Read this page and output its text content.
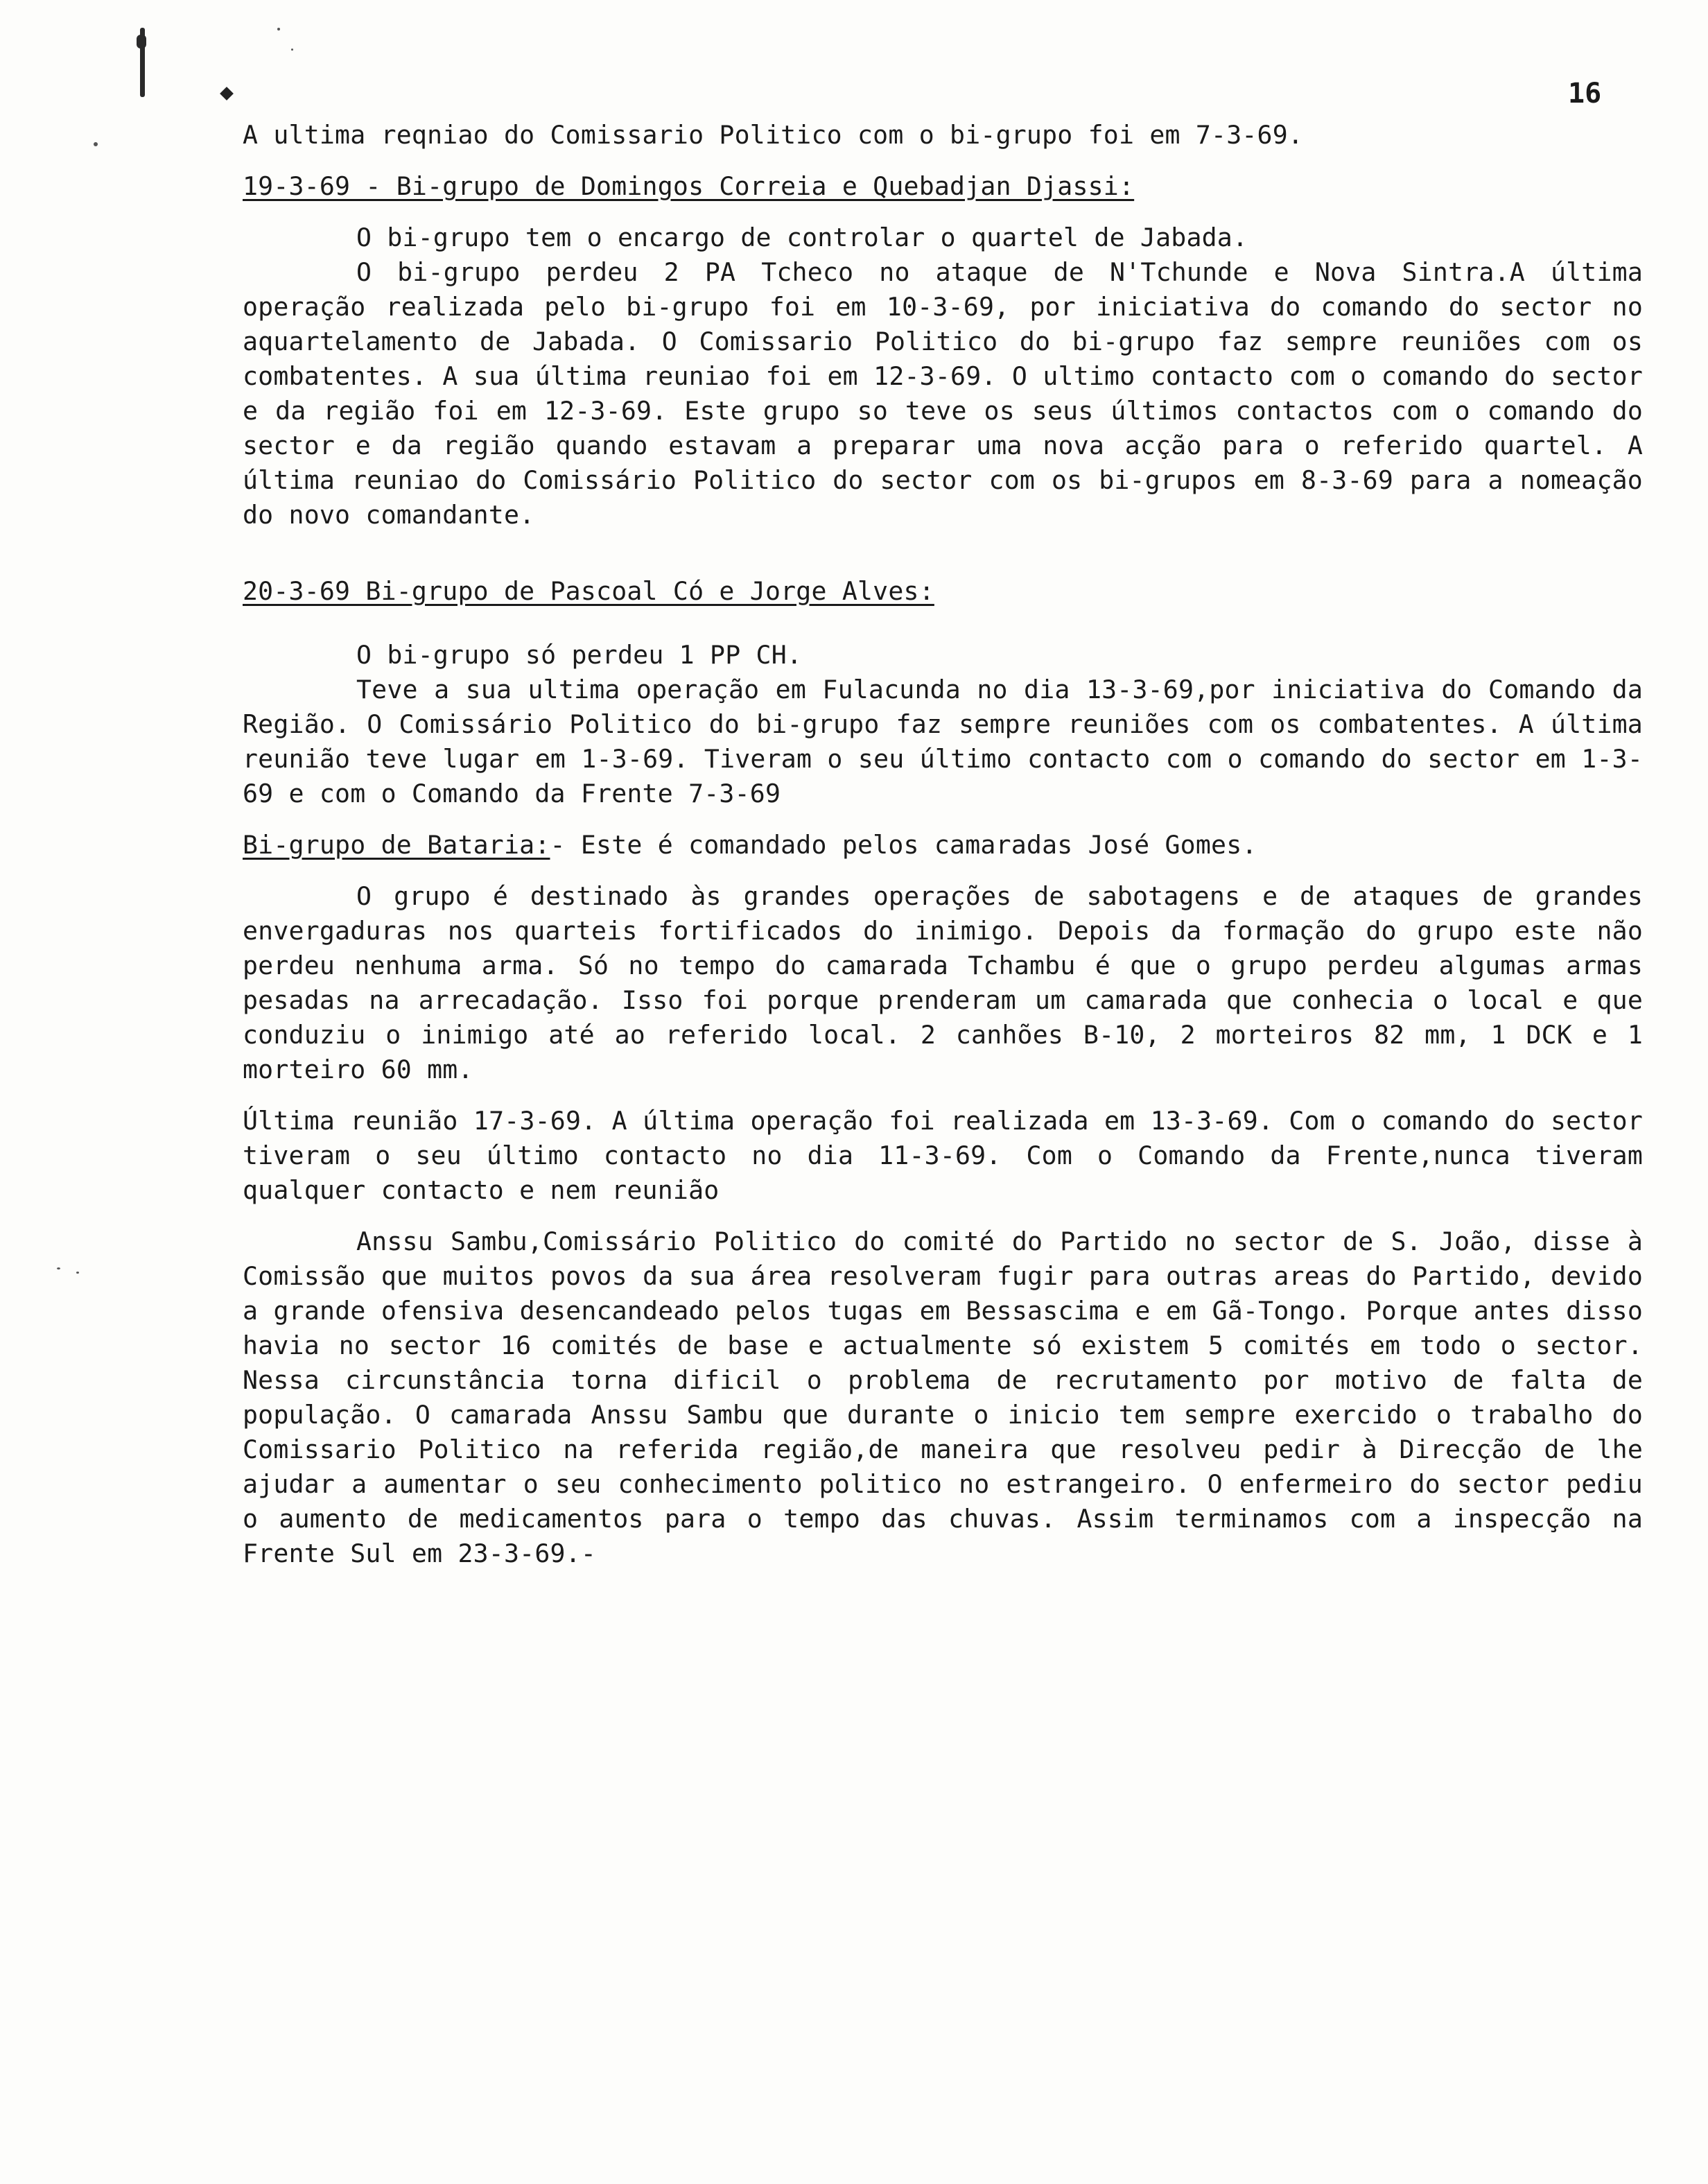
16

A ultima reqniao do Comissario Politico com o bi-grupo foi em 7-3-69.

19-3-69 - Bi-grupo de Domingos Correia e Quebadjan Djassi:

O bi-grupo tem o encargo de controlar o quartel de Jabada.

O bi-grupo perdeu 2 PA Tcheco no ataque de N'Tchunde e Nova Sintra.A última operação realizada pelo bi-grupo foi em 10-3-69, por iniciativa do comando do sector no aquartelamento de Jabada. O Comissario Politico do bi-grupo faz sempre reuniões com os combatentes. A sua última reuniao foi em 12-3-69. O ultimo contacto com o comando do sector e da região foi em 12-3-69. Este grupo so teve os seus últimos contactos com o comando do sector e da região quando estavam a preparar uma nova acção para o referido quartel. A última reuniao do Comissário Politico do sector com os bi-grupos em 8-3-69 para a nomeação do novo comandante.

20-3-69 Bi-grupo de Pascoal Có e Jorge Alves:

O bi-grupo só perdeu 1 PP CH.

Teve a sua ultima operação em Fulacunda no dia 13-3-69,por iniciativa do Comando da Região. O Comissário Politico do bi-grupo faz sempre reuniões com os combatentes. A última reunião teve lugar em 1-3-69. Tiveram o seu último contacto com o comando do sector em 1-3-69 e com o Comando da Frente 7-3-69

Bi-grupo de Bataria:- Este é comandado pelos camaradas José Gomes.

O grupo é destinado às grandes operações de sabotagens e de ataques de grandes envergaduras nos quarteis fortificados do inimigo. Depois da formação do grupo este não perdeu nenhuma arma. Só no tempo do camarada Tchambu é que o grupo perdeu algumas armas pesadas na arrecadação. Isso foi porque prenderam um camarada que conhecia o local e que conduziu o inimigo até ao referido local. 2 canhões B-10, 2 morteiros 82 mm, 1 DCK e 1 morteiro 60 mm.

Última reunião 17-3-69. A última operação foi realizada em 13-3-69. Com o comando do sector tiveram o seu último contacto no dia 11-3-69. Com o Comando da Frente,nunca tiveram qualquer contacto e nem reunião

Anssu Sambu,Comissário Politico do comité do Partido no sector de S. João, disse à Comissão que muitos povos da sua área resolveram fugir para outras areas do Partido, devido a grande ofensiva desencandeado pelos tugas em Bessascima e em Gã-Tongo. Porque antes disso havia no sector 16 comités de base e actualmente só existem 5 comités em todo o sector. Nessa circunstância torna dificil o problema de recrutamento por motivo de falta de população. O camarada Anssu Sambu que durante o inicio tem sempre exercido o trabalho do Comissario Politico na referida região,de maneira que resolveu pedir à Direcção de lhe ajudar a aumentar o seu conhecimento politico no estrangeiro. O enfermeiro do sector pediu o aumento de medicamentos para o tempo das chuvas. Assim terminamos com a inspecção na Frente Sul em 23-3-69.-
